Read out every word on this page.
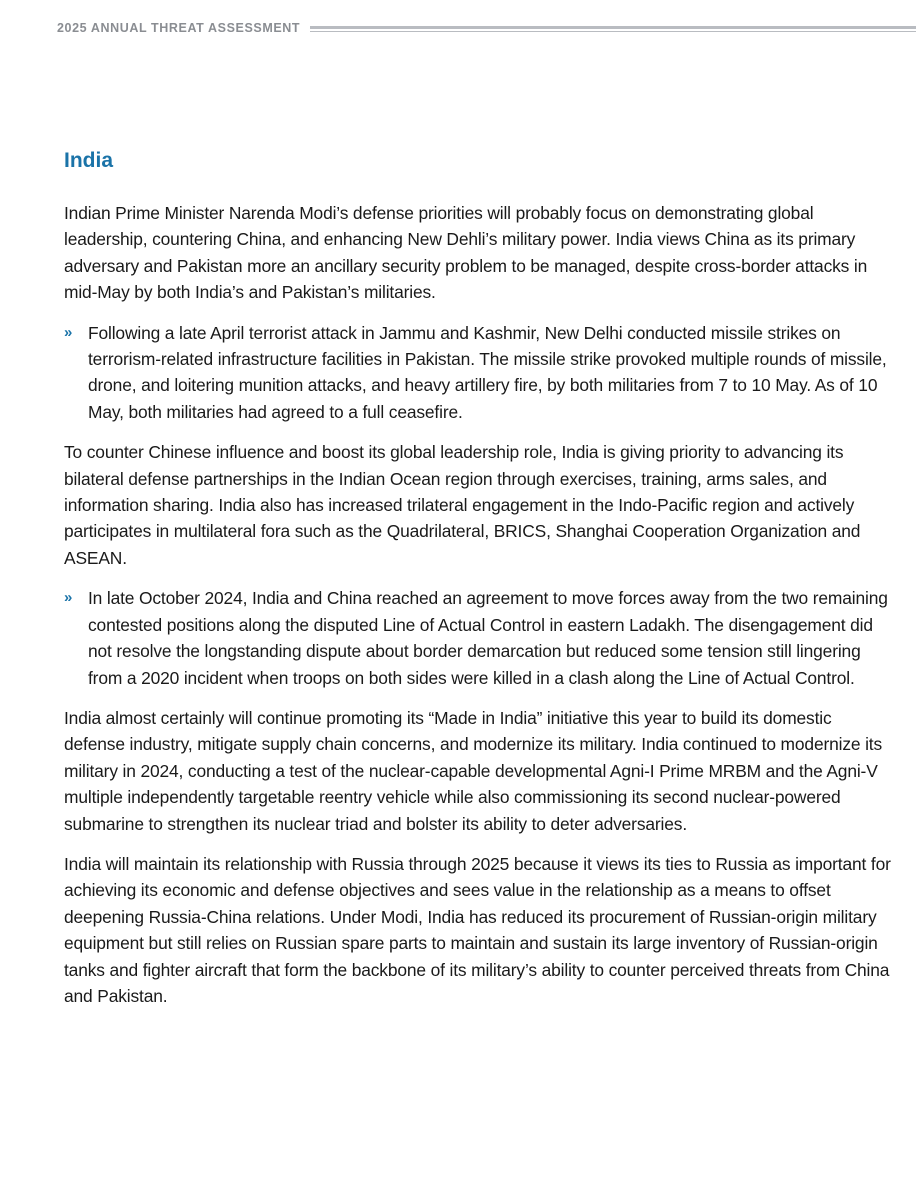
2025 ANNUAL THREAT ASSESSMENT
India

Indian Prime Minister Narenda Modi’s defense priorities will probably focus on demonstrating global leadership, countering China, and enhancing New Dehli’s military power. India views China as its primary adversary and Pakistan more an ancillary security problem to be managed, despite cross-border attacks in mid-May by both India’s and Pakistan’s militaries.

» Following a late April terrorist attack in Jammu and Kashmir, New Delhi conducted missile strikes on terrorism-related infrastructure facilities in Pakistan. The missile strike provoked multiple rounds of missile, drone, and loitering munition attacks, and heavy artillery fire, by both militaries from 7 to 10 May. As of 10 May, both militaries had agreed to a full ceasefire.

To counter Chinese influence and boost its global leadership role, India is giving priority to advancing its bilateral defense partnerships in the Indian Ocean region through exercises, training, arms sales, and information sharing. India also has increased trilateral engagement in the Indo-Pacific region and actively participates in multilateral fora such as the Quadrilateral, BRICS, Shanghai Cooperation Organization and ASEAN.

» In late October 2024, India and China reached an agreement to move forces away from the two remaining contested positions along the disputed Line of Actual Control in eastern Ladakh. The disengagement did not resolve the longstanding dispute about border demarcation but reduced some tension still lingering from a 2020 incident when troops on both sides were killed in a clash along the Line of Actual Control.

India almost certainly will continue promoting its “Made in India” initiative this year to build its domestic defense industry, mitigate supply chain concerns, and modernize its military. India continued to modernize its military in 2024, conducting a test of the nuclear-capable developmental Agni-I Prime MRBM and the Agni-V multiple independently targetable reentry vehicle while also commissioning its second nuclear-powered submarine to strengthen its nuclear triad and bolster its ability to deter adversaries.

India will maintain its relationship with Russia through 2025 because it views its ties to Russia as important for achieving its economic and defense objectives and sees value in the relationship as a means to offset deepening Russia-China relations. Under Modi, India has reduced its procurement of Russian-origin military equipment but still relies on Russian spare parts to maintain and sustain its large inventory of Russian-origin tanks and fighter aircraft that form the backbone of its military’s ability to counter perceived threats from China and Pakistan.
